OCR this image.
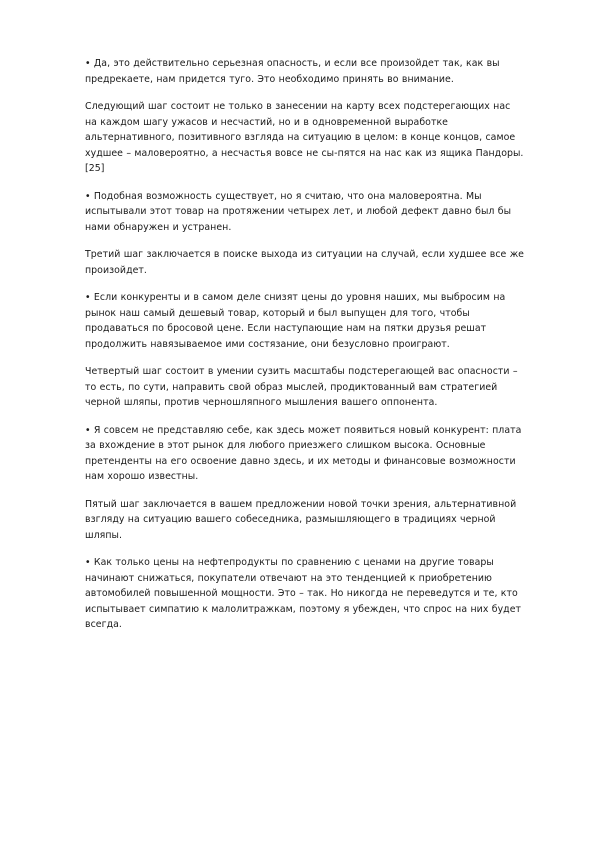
• Да, это действительно серьезная опасность, и если все произойдет так, как вы предрекаете, нам придется туго. Это необходимо принять во внимание.

Следующий шаг состоит не только в занесении на карту всех подстерегающих нас на каждом шагу ужасов и несчастий, но и в одновременной выработке альтернативного, позитивного взгляда на ситуацию в целом: в конце концов, самое худшее – маловероятно, а несчастья вовсе не сы-пятся на нас как из ящика Пандоры.[25]

• Подобная возможность существует, но я считаю, что она маловероятна. Мы испытывали этот товар на протяжении четырех лет, и любой дефект давно был бы нами обнаружен и устранен.

Третий шаг заключается в поиске выхода из ситуации на случай, если худшее все же произойдет.

• Если конкуренты и в самом деле снизят цены до уровня наших, мы выбросим на рынок наш самый дешевый товар, который и был выпущен для того, чтобы продаваться по бросовой цене. Если наступающие нам на пятки друзья решат продолжить навязываемое ими состязание, они безусловно проиграют.

Четвертый шаг состоит в умении сузить масштабы подстерегающей вас опасности – то есть, по сути, направить свой образ мыслей, продиктованный вам стратегией черной шляпы, против черношляпного мышления вашего оппонента.

• Я совсем не представляю себе, как здесь может появиться новый конкурент: плата за вхождение в этот рынок для любого приезжего слишком высока. Основные претенденты на его освоение давно здесь, и их методы и финансовые возможности нам хорошо известны.

Пятый шаг заключается в вашем предложении новой точки зрения, альтернативной взгляду на ситуацию вашего собеседника, размышляющего в традициях черной шляпы.

• Как только цены на нефтепродукты по сравнению с ценами на другие товары начинают снижаться, покупатели отвечают на это тенденцией к приобретению автомобилей повышенной мощности. Это – так. Но никогда не переведутся и те, кто испытывает симпатию к малолитражкам, поэтому я убежден, что спрос на них будет всегда.
